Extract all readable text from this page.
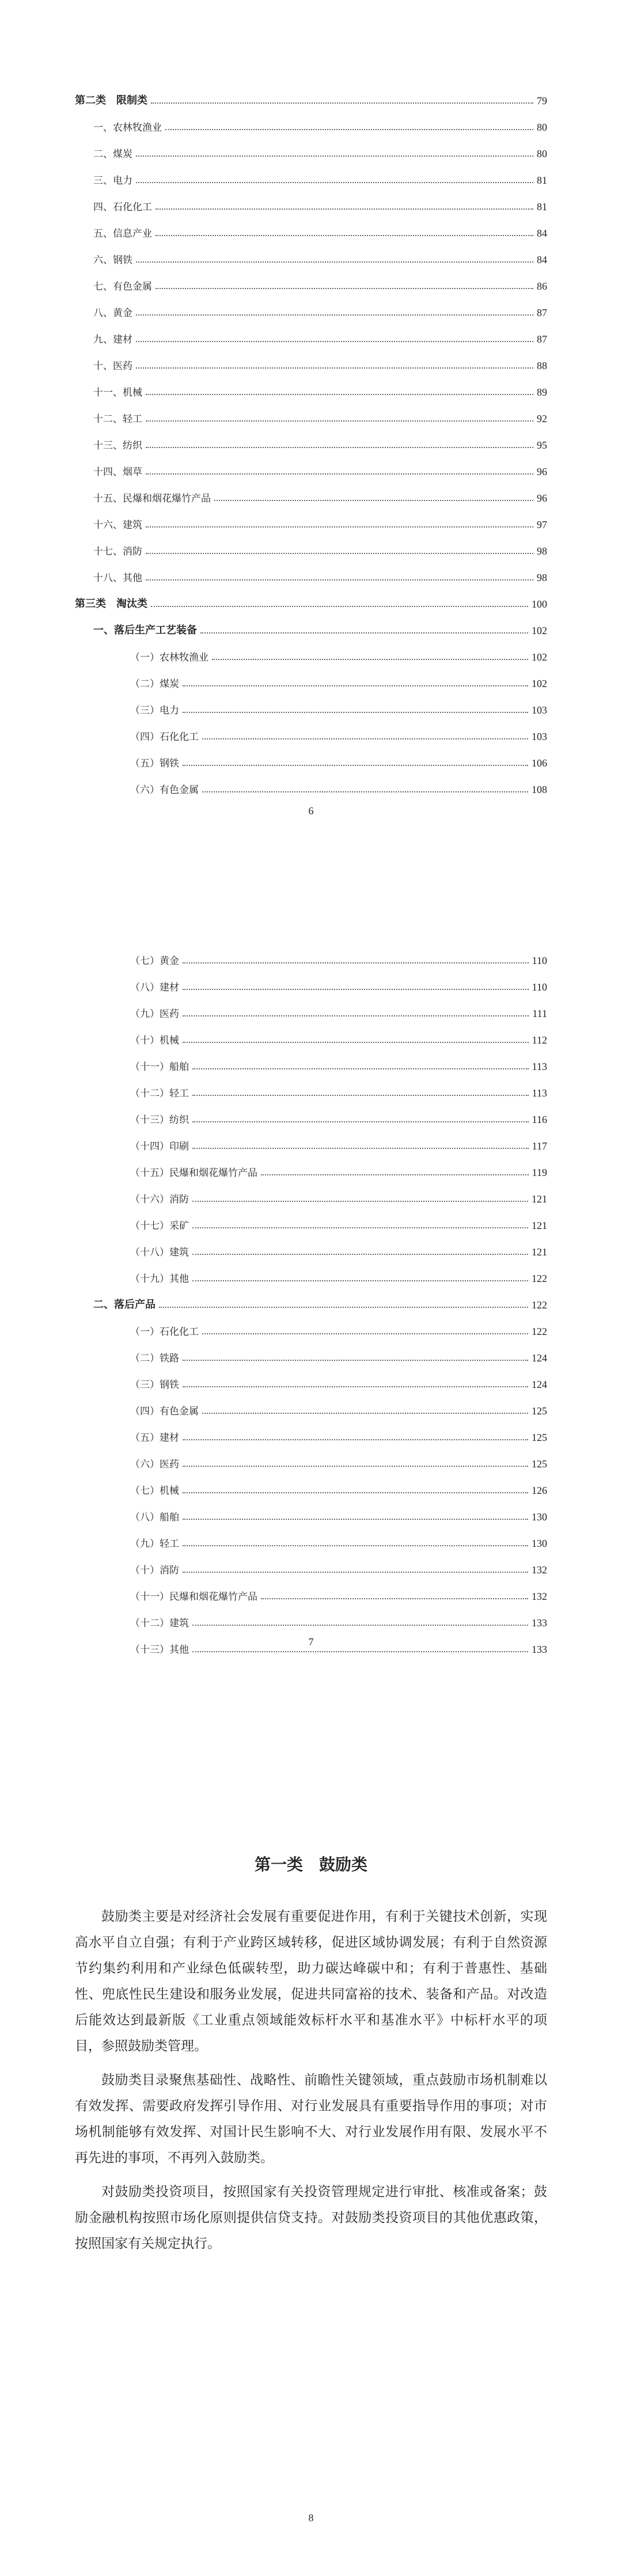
第二类　限制类	79
一、农林牧渔业	80
二、煤炭	80
三、电力	81
四、石化化工	81
五、信息产业	84
六、钢铁	84
七、有色金属	86
八、黄金	87
九、建材	87
十、医药	88
十一、机械	89
十二、轻工	92
十三、纺织	95
十四、烟草	96
十五、民爆和烟花爆竹产品	96
十六、建筑	97
十七、消防	98
十八、其他	98
第三类　淘汰类	100
一、落后生产工艺装备	102
（一）农林牧渔业	102
（二）煤炭	102
（三）电力	103
（四）石化化工	103
（五）钢铁	106
（六）有色金属	108
6
（七）黄金	110
（八）建材	110
（九）医药	111
（十）机械	112
（十一）船舶	113
（十二）轻工	113
（十三）纺织	116
（十四）印刷	117
（十五）民爆和烟花爆竹产品	119
（十六）消防	121
（十七）采矿	121
（十八）建筑	121
（十九）其他	122
二、落后产品	122
（一）石化化工	122
（二）铁路	124
（三）钢铁	124
（四）有色金属	125
（五）建材	125
（六）医药	125
（七）机械	126
（八）船舶	130
（九）轻工	130
（十）消防	132
（十一）民爆和烟花爆竹产品	132
（十二）建筑	133
（十三）其他	133
7
第一类　鼓励类

鼓励类主要是对经济社会发展有重要促进作用，有利于关键技术创新，实现高水平自立自强；有利于产业跨区域转移，促进区域协调发展；有利于自然资源节约集约利用和产业绿色低碳转型，助力碳达峰碳中和；有利于普惠性、基础性、兜底性民生建设和服务业发展，促进共同富裕的技术、装备和产品。对改造后能效达到最新版《工业重点领域能效标杆水平和基准水平》中标杆水平的项目，参照鼓励类管理。

鼓励类目录聚焦基础性、战略性、前瞻性关键领域，重点鼓励市场机制难以有效发挥、需要政府发挥引导作用、对行业发展具有重要指导作用的事项；对市场机制能够有效发挥、对国计民生影响不大、对行业发展作用有限、发展水平不再先进的事项，不再列入鼓励类。

对鼓励类投资项目，按照国家有关投资管理规定进行审批、核准或备案；鼓励金融机构按照市场化原则提供信贷支持。对鼓励类投资项目的其他优惠政策，按照国家有关规定执行。

8
